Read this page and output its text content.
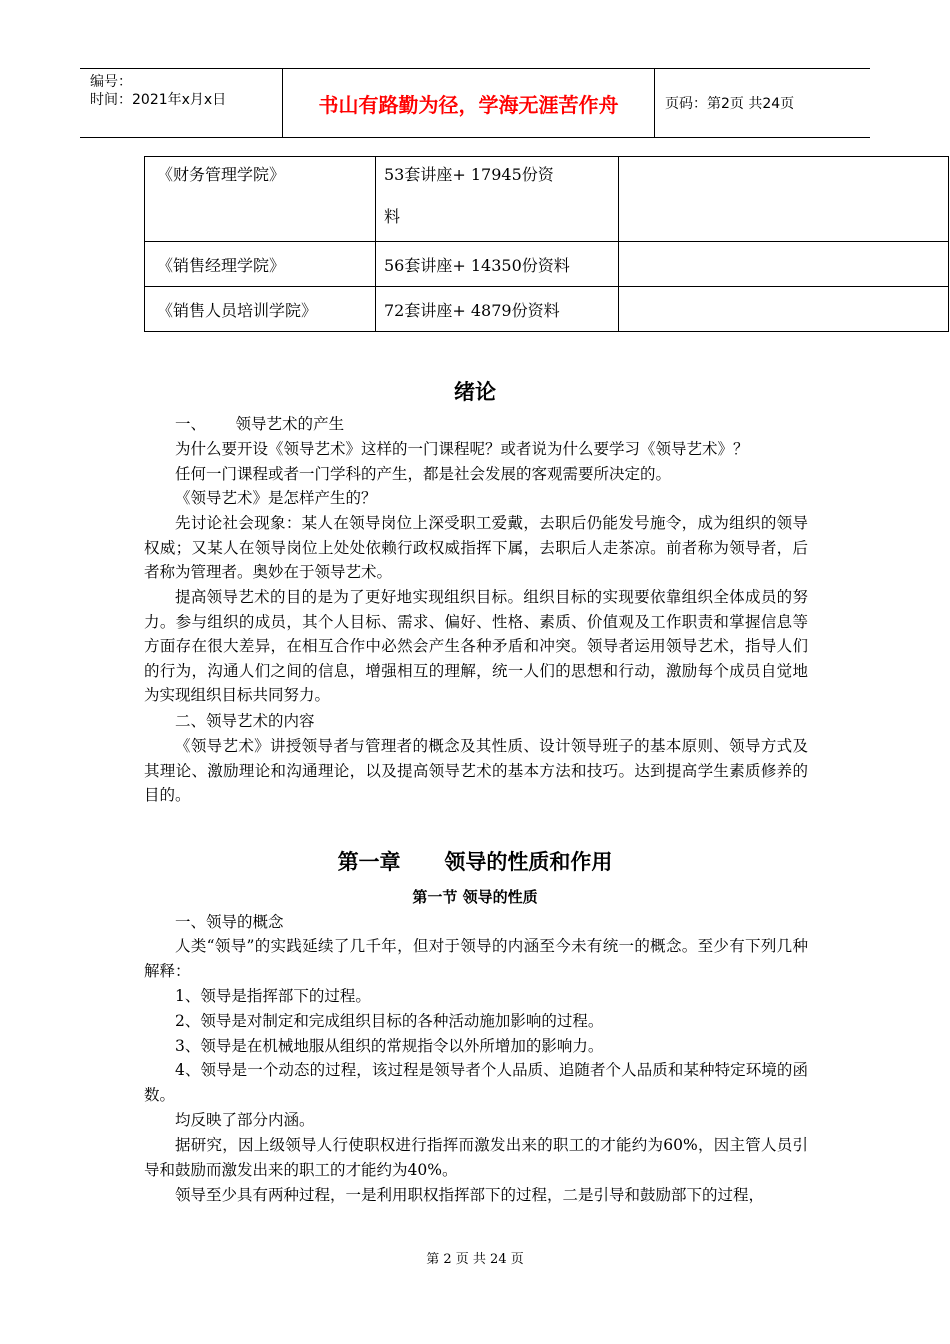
编号：
时间：2021年x月x日	书山有路勤为径，学海无涯苦作舟	页码：第2页 共24页
《财务管理学院》	53套讲座+ 17945份资
料	

《销售经理学院》	56套讲座+ 14350份资料	
《销售人员培训学院》	72套讲座+ 4879份资料	
绪论
一、      领导艺术的产生
为什么要开设《领导艺术》这样的一门课程呢？或者说为什么要学习《领导艺术》？
任何一门课程或者一门学科的产生，都是社会发展的客观需要所决定的。
《领导艺术》是怎样产生的？
先讨论社会现象：某人在领导岗位上深受职工爱戴，去职后仍能发号施令，成为组织的领导权威；又某人在领导岗位上处处依赖行政权威指挥下属，去职后人走茶凉。前者称为领导者，后者称为管理者。奥妙在于领导艺术。
提高领导艺术的目的是为了更好地实现组织目标。组织目标的实现要依靠组织全体成员的努力。参与组织的成员，其个人目标、需求、偏好、性格、素质、价值观及工作职责和掌握信息等方面存在很大差异，在相互合作中必然会产生各种矛盾和冲突。领导者运用领导艺术，指导人们的行为，沟通人们之间的信息，增强相互的理解，统一人们的思想和行动，激励每个成员自觉地为实现组织目标共同努力。
二、领导艺术的内容
《领导艺术》讲授领导者与管理者的概念及其性质、设计领导班子的基本原则、领导方式及其理论、激励理论和沟通理论，以及提高领导艺术的基本方法和技巧。达到提高学生素质修养的目的。
第一章      领导的性质和作用
第一节 领导的性质
一、领导的概念
人类“领导”的实践延续了几千年，但对于领导的内涵至今未有统一的概念。至少有下列几种解释：
1、领导是指挥部下的过程。
2、领导是对制定和完成组织目标的各种活动施加影响的过程。
3、领导是在机械地服从组织的常规指令以外所增加的影响力。
4、领导是一个动态的过程，该过程是领导者个人品质、追随者个人品质和某种特定环境的函数。
均反映了部分内涵。
据研究，因上级领导人行使职权进行指挥而激发出来的职工的才能约为60%，因主管人员引导和鼓励而激发出来的职工的才能约为40%。
领导至少具有两种过程，一是利用职权指挥部下的过程，二是引导和鼓励部下的过程，
第 2 页 共 24 页
